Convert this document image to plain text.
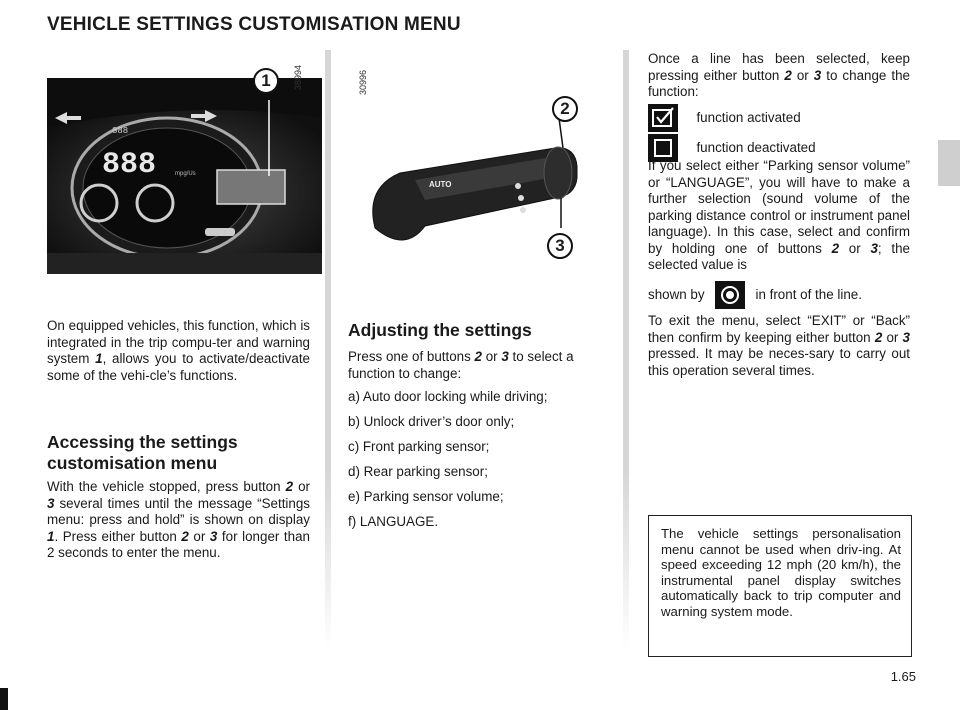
VEHICLE SETTINGS CUSTOMISATION MENU
888
888	mpg/Us
1	38994
AUTO
2
3
30996
On equipped vehicles, this function, which is integrated in the trip compu-ter and warning system 1, allows you to activate/deactivate some of the vehi-cle’s functions.
Accessing the settings customisation menu
With the vehicle stopped, press button 2 or 3 several times until the message “Settings menu: press and hold” is shown on display 1. Press either button 2 or 3 for longer than 2 seconds to enter the menu.
Adjusting the settings
Press one of buttons 2 or 3 to select a function to change:

a) Auto door locking while driving;

b) Unlock driver’s door only;

c) Front parking sensor;

d) Rear parking sensor;

e) Parking sensor volume;

f) LANGUAGE.

Once a line has been selected, keep pressing either button 2 or 3 to change the function:
function activated
function deactivated
If you select either “Parking sensor volume” or “LANGUAGE”, you will have to make a further selection (sound volume of the parking distance control or instrument panel language). In this case, select and confirm by holding one of buttons 2 or 3; the selected value is
shown by	in front of the line.
To exit the menu, select “EXIT” or “Back” then confirm by keeping either button 2 or 3 pressed. It may be neces-sary to carry out this operation several times.
The vehicle settings personalisation menu cannot be used when driv-ing. At speed exceeding 12 mph (20 km/h), the instrumental panel display switches automatically back to trip computer and warning system mode.
1.65
